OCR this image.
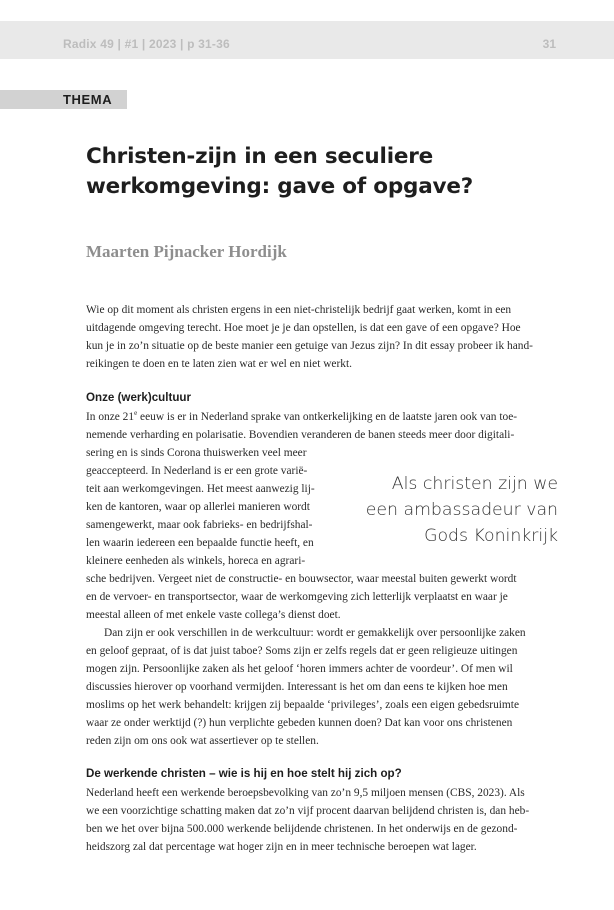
Radix 49 | #1 | 2023 | p 31-36	31
THEMA
Christen-zijn in een seculiere werkomgeving: gave of opgave?

Maarten Pijnacker Hordijk

Wie op dit moment als christen ergens in een niet-christelijk bedrijf gaat werken, komt in een

uitdagende omgeving terecht. Hoe moet je je dan opstellen, is dat een gave of een opgave? Hoe

kun je in zo’n situatie op de beste manier een getuige van Jezus zijn? In dit essay probeer ik hand-

reikingen te doen en te laten zien wat er wel en niet werkt.

Onze (werk)cultuur

In onze 21e eeuw is er in Nederland sprake van ontkerkelijking en de laatste jaren ook van toe-

nemende verharding en polarisatie. Bovendien veranderen de banen steeds meer door digitali-

sering en is sinds Corona thuiswerken veel meer

geaccepteerd. In Nederland is er een grote varië-

teit aan werkomgevingen. Het meest aanwezig lij-

ken de kantoren, waar op allerlei manieren wordt

samengewerkt, maar ook fabrieks- en bedrijfshal-

len waarin iedereen een bepaalde functie heeft, en

kleinere eenheden als winkels, horeca en agrari-

Als christen zijn we een ambassadeur van Gods Koninkrijk

sche bedrijven. Vergeet niet de constructie- en bouwsector, waar meestal buiten gewerkt wordt

en de vervoer- en transportsector, waar de werkomgeving zich letterlijk verplaatst en waar je

meestal alleen of met enkele vaste collega’s dienst doet.

Dan zijn er ook verschillen in de werkcultuur: wordt er gemakkelijk over persoonlijke zaken

en geloof gepraat, of is dat juist taboe? Soms zijn er zelfs regels dat er geen religieuze uitingen

mogen zijn. Persoonlijke zaken als het geloof ‘horen immers achter de voordeur’. Of men wil

discussies hierover op voorhand vermijden. Interessant is het om dan eens te kijken hoe men

moslims op het werk behandelt: krijgen zij bepaalde ‘privileges’, zoals een eigen gebedsruimte

waar ze onder werktijd (?) hun verplichte gebeden kunnen doen? Dat kan voor ons christenen

reden zijn om ons ook wat assertiever op te stellen.

De werkende christen – wie is hij en hoe stelt hij zich op?

Nederland heeft een werkende beroepsbevolking van zo’n 9,5 miljoen mensen (CBS, 2023). Als

we een voorzichtige schatting maken dat zo’n vijf procent daarvan belijdend christen is, dan heb-

ben we het over bijna 500.000 werkende belijdende christenen. In het onderwijs en de gezond-

heidszorg zal dat percentage wat hoger zijn en in meer technische beroepen wat lager.
